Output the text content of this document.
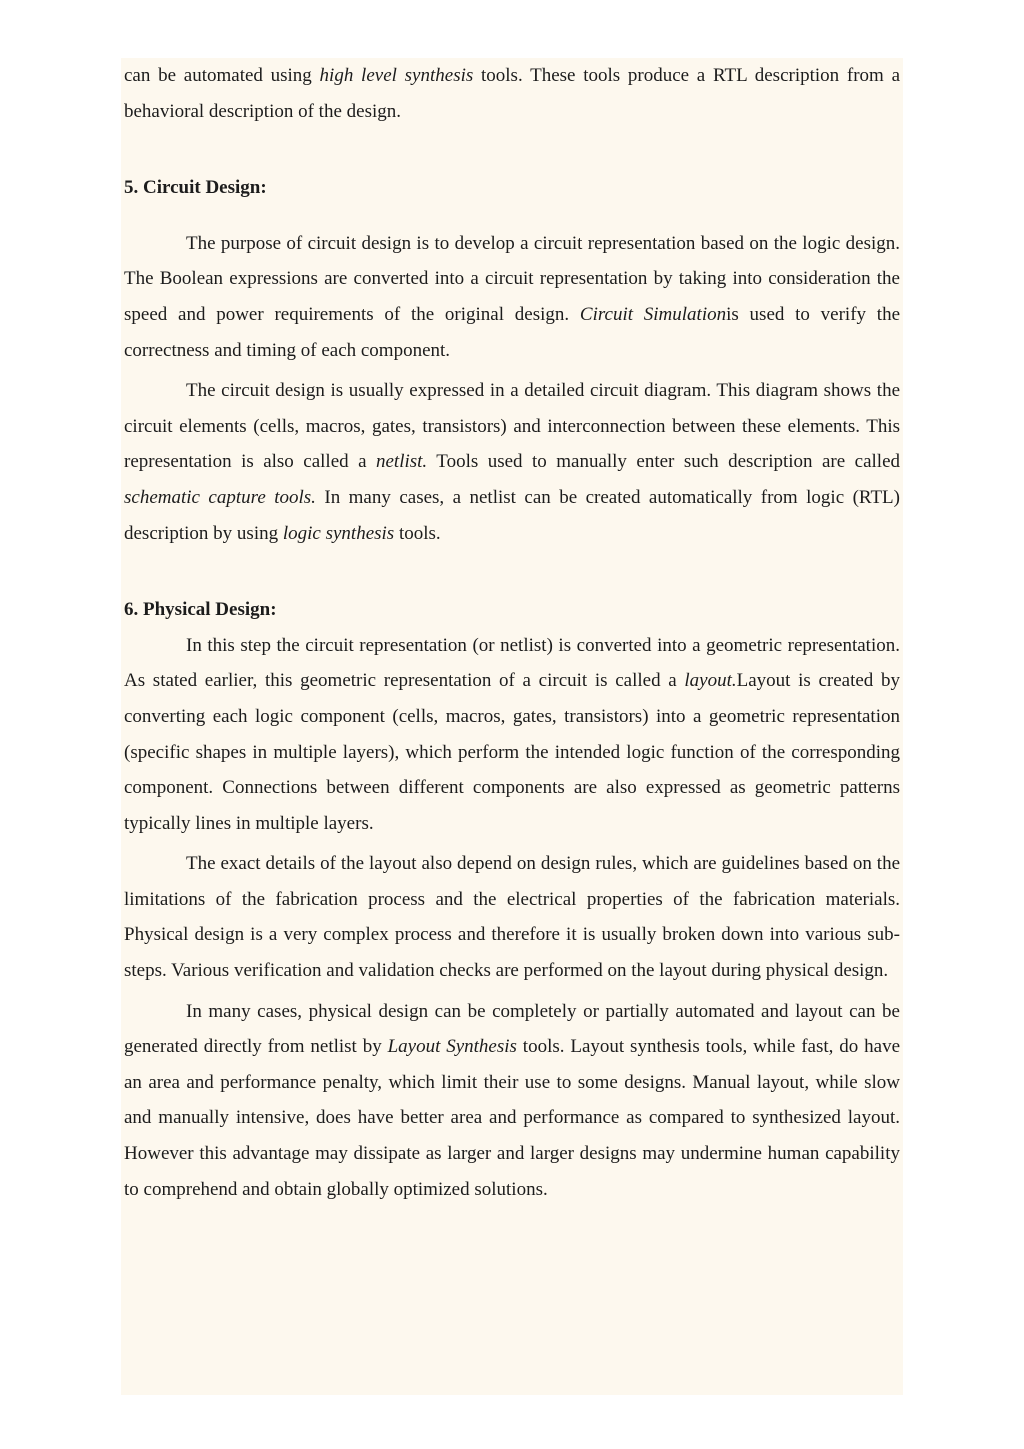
can be automated using high level synthesis tools. These tools produce a RTL description from a behavioral description of the design.

5. Circuit Design:

The purpose of circuit design is to develop a circuit representation based on the logic design. The Boolean expressions are converted into a circuit representation by taking into consideration the speed and power requirements of the original design. Circuit Simulationis used to verify the correctness and timing of each component.

The circuit design is usually expressed in a detailed circuit diagram. This diagram shows the circuit elements (cells, macros, gates, transistors) and interconnection between these elements. This representation is also called a netlist. Tools used to manually enter such description are called schematic capture tools. In many cases, a netlist can be created automatically from logic (RTL) description by using logic synthesis tools.

6. Physical Design:

In this step the circuit representation (or netlist) is converted into a geometric representation. As stated earlier, this geometric representation of a circuit is called a layout.Layout is created by converting each logic component (cells, macros, gates, transistors) into a geometric representation (specific shapes in multiple layers), which perform the intended logic function of the corresponding component. Connections between different components are also expressed as geometric patterns typically lines in multiple layers.

The exact details of the layout also depend on design rules, which are guidelines based on the limitations of the fabrication process and the electrical properties of the fabrication materials. Physical design is a very complex process and therefore it is usually broken down into various sub-steps. Various verification and validation checks are performed on the layout during physical design.

In many cases, physical design can be completely or partially automated and layout can be generated directly from netlist by Layout Synthesis tools. Layout synthesis tools, while fast, do have an area and performance penalty, which limit their use to some designs. Manual layout, while slow and manually intensive, does have better area and performance as compared to synthesized layout. However this advantage may dissipate as larger and larger designs may undermine human capability to comprehend and obtain globally optimized solutions.
